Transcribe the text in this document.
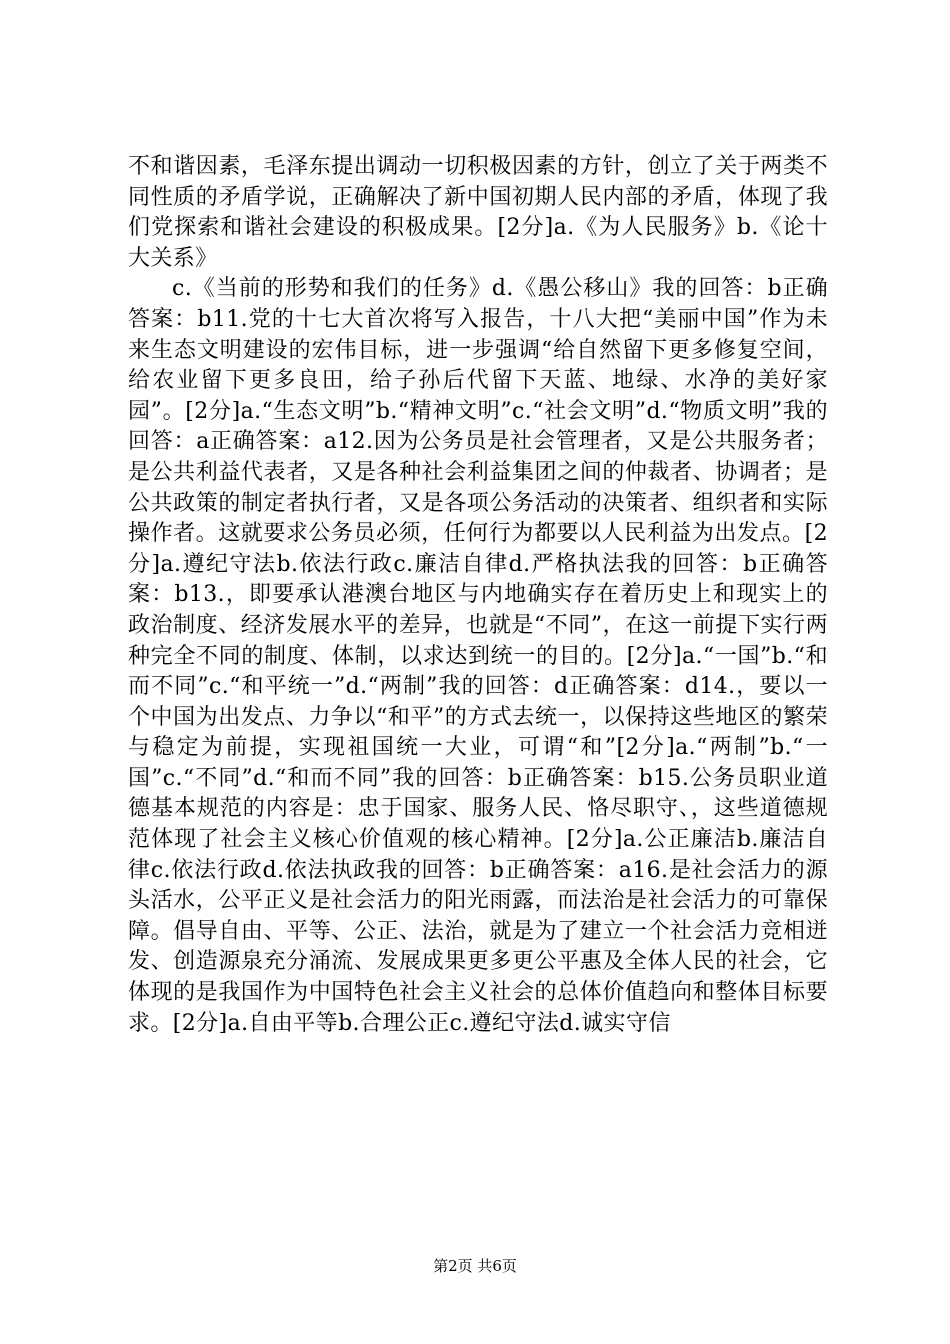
不和谐因素，毛泽东提出调动一切积极因素的方针，创立了关于两类不同性质的矛盾学说，正确解决了新中国初期人民内部的矛盾，体现了我们党探索和谐社会建设的积极成果。[2分]a.《为人民服务》b.《论十大关系》

c.《当前的形势和我们的任务》d.《愚公移山》我的回答：b正确答案：b11.党的十七大首次将写入报告，十八大把“美丽中国”作为未来生态文明建设的宏伟目标，进一步强调“给自然留下更多修复空间，给农业留下更多良田，给子孙后代留下天蓝、地绿、水净的美好家园”。[2分]a.“生态文明”b.“精神文明”c.“社会文明”d.“物质文明”我的回答：a正确答案：a12.因为公务员是社会管理者，又是公共服务者；是公共利益代表者，又是各种社会利益集团之间的仲裁者、协调者；是公共政策的制定者执行者，又是各项公务活动的决策者、组织者和实际操作者。这就要求公务员必须，任何行为都要以人民利益为出发点。[2分]a.遵纪守法b.依法行政c.廉洁自律d.严格执法我的回答：b正确答案：b13.，即要承认港澳台地区与内地确实存在着历史上和现实上的政治制度、经济发展水平的差异，也就是“不同”，在这一前提下实行两种完全不同的制度、体制，以求达到统一的目的。[2分]a.“一国”b.“和而不同”c.“和平统一”d.“两制”我的回答：d正确答案：d14.，要以一个中国为出发点、力争以“和平”的方式去统一，以保持这些地区的繁荣与稳定为前提，实现祖国统一大业，可谓“和”[2分]a.“两制”b.“一国”c.“不同”d.“和而不同”我的回答：b正确答案：b15.公务员职业道德基本规范的内容是：忠于国家、服务人民、恪尽职守、，这些道德规范体现了社会主义核心价值观的核心精神。[2分]a.公正廉洁b.廉洁自律c.依法行政d.依法执政我的回答：b正确答案：a16.是社会活力的源头活水，公平正义是社会活力的阳光雨露，而法治是社会活力的可靠保障。倡导自由、平等、公正、法治，就是为了建立一个社会活力竞相迸发、创造源泉充分涌流、发展成果更多更公平惠及全体人民的社会，它体现的是我国作为中国特色社会主义社会的总体价值趋向和整体目标要求。[2分]a.自由平等b.合理公正c.遵纪守法d.诚实守信

第2页 共6页
